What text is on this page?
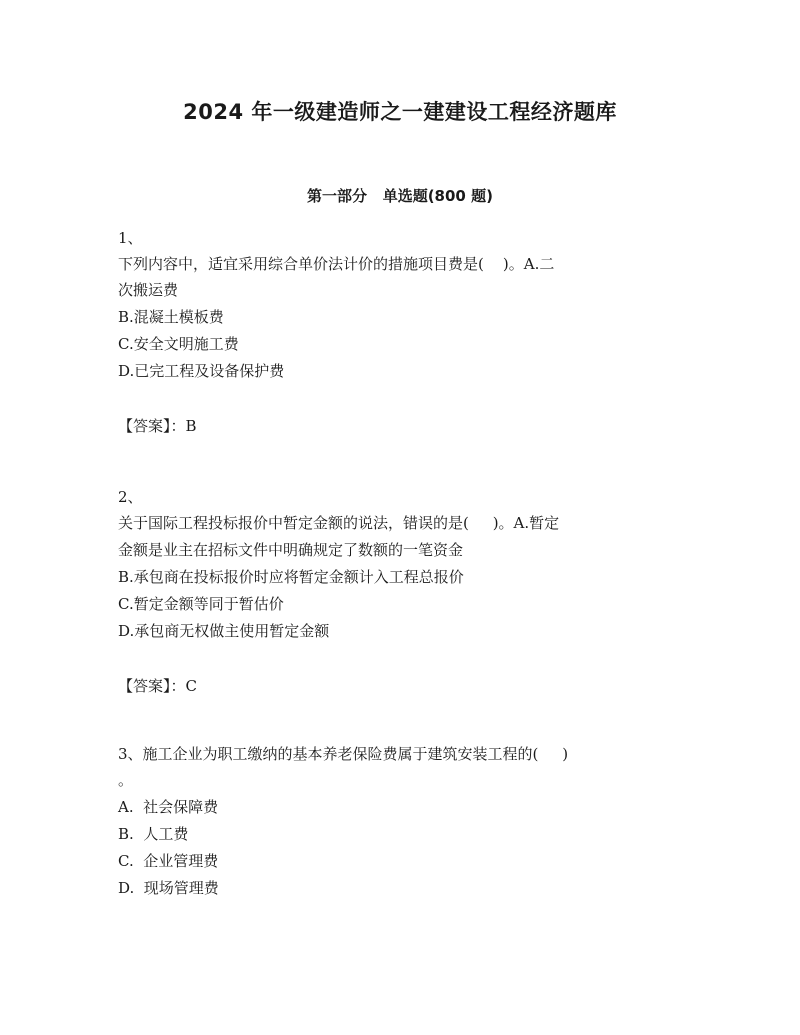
2024 年一级建造师之一建建设工程经济题库
第一部分   单选题(800 题)
1、
下列内容中，适宜采用综合单价法计价的措施项目费是(    )。A.二
次搬运费
B.混凝土模板费
C.安全文明施工费
D.已完工程及设备保护费
【答案】：B
2、
关于国际工程投标报价中暂定金额的说法，错误的是(     )。A.暂定
金额是业主在招标文件中明确规定了数额的一笔资金
B.承包商在投标报价时应将暂定金额计入工程总报价
C.暂定金额等同于暂估价
D.承包商无权做主使用暂定金额
【答案】：C
3、施工企业为职工缴纳的基本养老保险费属于建筑安装工程的(     )
。
A.  社会保障费
B.  人工费
C.  企业管理费
D.  现场管理费
